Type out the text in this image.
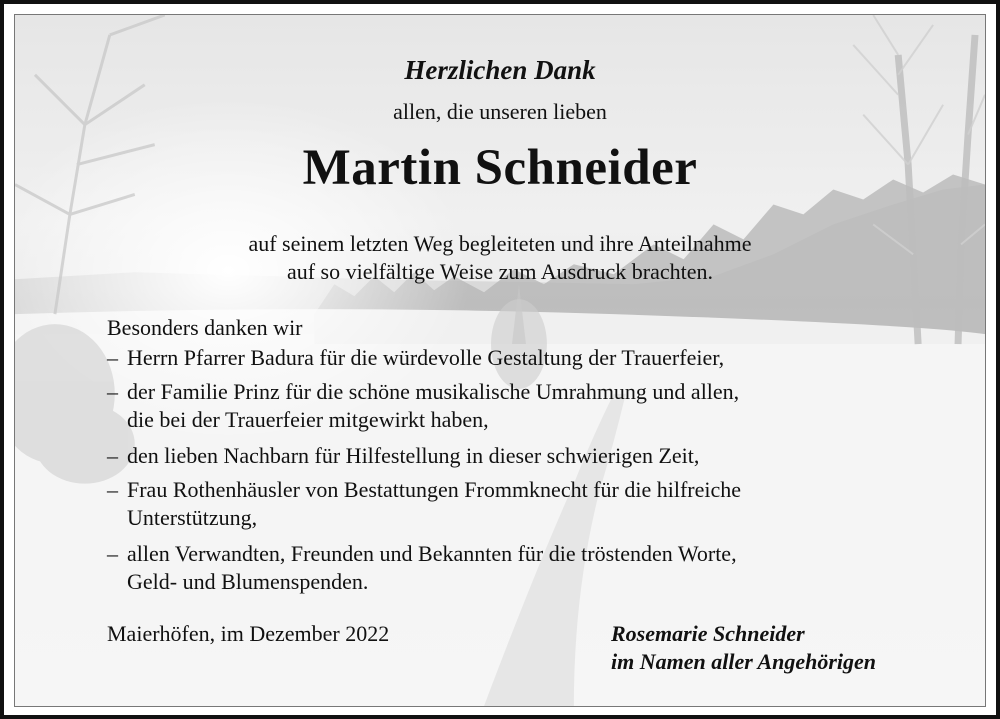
Herzlichen Dank
allen, die unseren lieben
Martin Schneider
auf seinem letzten Weg begleiteten und ihre Anteilnahme
auf so vielfältige Weise zum Ausdruck brachten.
Besonders danken wir
– Herrn Pfarrer Badura für die würdevolle Gestaltung der Trauerfeier,
– der Familie Prinz für die schöne musikalische Umrahmung und allen,
die bei der Trauerfeier mitgewirkt haben,
– den lieben Nachbarn für Hilfestellung in dieser schwierigen Zeit,
– Frau Rothenhäusler von Bestattungen Frommknecht für die hilfreiche
Unterstützung,
– allen Verwandten, Freunden und Bekannten für die tröstenden Worte,
Geld- und Blumenspenden.
Maierhöfen, im Dezember 2022	Rosemarie Schneider
im Namen aller Angehörigen
